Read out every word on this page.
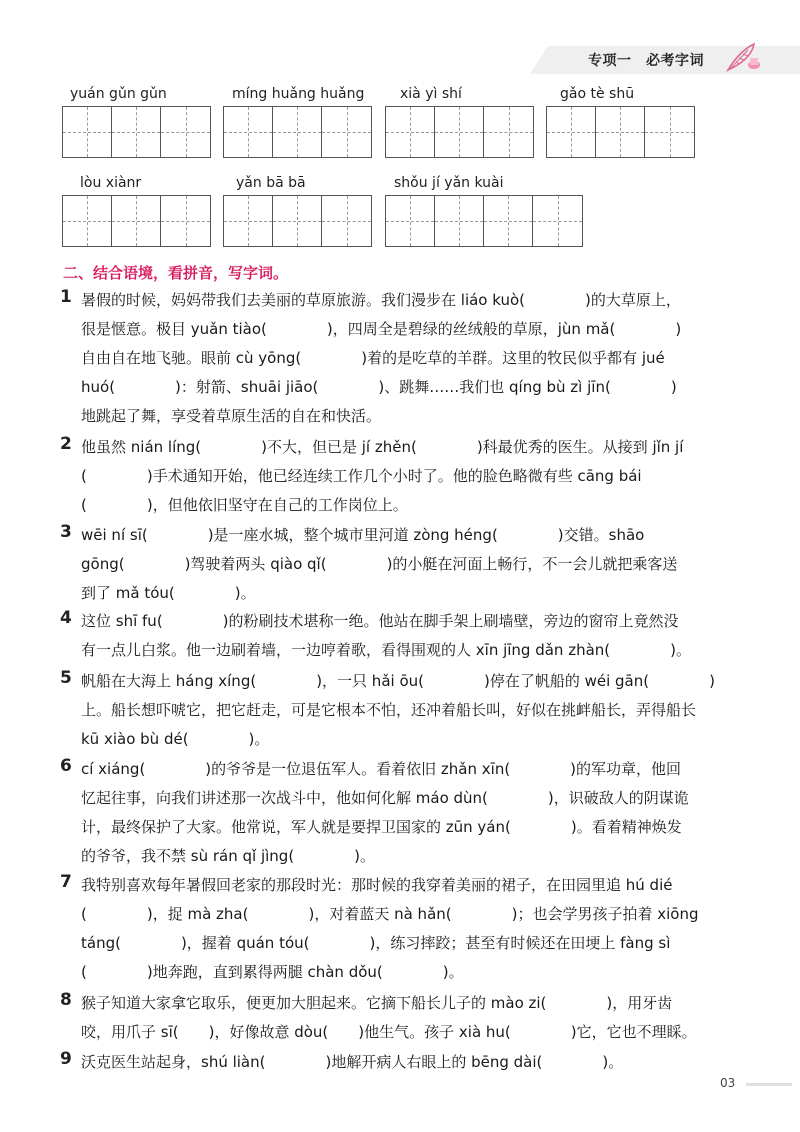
专项一　必考字词
yuán gǔn gǔn	míng huǎng huǎng	xià yì shí	gǎo tè shū
lòu xiànr	yǎn bā bā	shǒu jí yǎn kuài
二、结合语境，看拼音，写字词。
1 暑假的时候，妈妈带我们去美丽的草原旅游。我们漫步在 liáo kuò(　　　　)的大草原上，
很是惬意。极目 yuǎn tiào(　　　　)，四周全是碧绿的丝绒般的草原，jùn mǎ(　　　　)
自由自在地飞驰。眼前 cù yōng(　　　　)着的是吃草的羊群。这里的牧民似乎都有 jué
huó(　　　　)：射箭、shuāi jiāo(　　　　)、跳舞……我们也 qíng bù zì jīn(　　　　)
地跳起了舞，享受着草原生活的自在和快活。
2 他虽然 nián líng(　　　　)不大，但已是 jí zhěn(　　　　)科最优秀的医生。从接到 jǐn jí
(　　　　)手术通知开始，他已经连续工作几个小时了。他的脸色略微有些 cāng bái
(　　　　)，但他依旧坚守在自己的工作岗位上。
3 wēi ní sī(　　　　)是一座水城，整个城市里河道 zòng héng(　　　　)交错。shāo
gōng(　　　　)驾驶着两头 qiào qǐ(　　　　)的小艇在河面上畅行，不一会儿就把乘客送
到了 mǎ tóu(　　　　)。
4 这位 shī fu(　　　　)的粉刷技术堪称一绝。他站在脚手架上刷墙壁，旁边的窗帘上竟然没
有一点儿白浆。他一边刷着墙，一边哼着歌，看得围观的人 xīn jīng dǎn zhàn(　　　　)。
5 帆船在大海上 háng xíng(　　　　)，一只 hǎi ōu(　　　　)停在了帆船的 wéi gān(　　　　)
上。船长想吓唬它，把它赶走，可是它根本不怕，还冲着船长叫，好似在挑衅船长，弄得船长
kū xiào bù dé(　　　　)。
6 cí xiáng(　　　　)的爷爷是一位退伍军人。看着依旧 zhǎn xīn(　　　　)的军功章，他回
忆起往事，向我们讲述那一次战斗中，他如何化解 máo dùn(　　　　)，识破敌人的阴谋诡
计，最终保护了大家。他常说，军人就是要捍卫国家的 zūn yán(　　　　)。看着精神焕发
的爷爷，我不禁 sù rán qǐ jìng(　　　　)。
7 我特别喜欢每年暑假回老家的那段时光：那时候的我穿着美丽的裙子，在田园里追 hú dié
(　　　　)，捉 mà zha(　　　　)，对着蓝天 nà hǎn(　　　　)；也会学男孩子拍着 xiōng
táng(　　　　)，握着 quán tóu(　　　　)，练习摔跤；甚至有时候还在田埂上 fàng sì
(　　　　)地奔跑，直到累得两腿 chàn dǒu(　　　　)。
8 猴子知道大家拿它取乐，便更加大胆起来。它摘下船长儿子的 mào zi(　　　　)，用牙齿
咬，用爪子 sī(　　)，好像故意 dòu(　　)他生气。孩子 xià hu(　　　　)它，它也不理睬。
9 沃克医生站起身，shú liàn(　　　　)地解开病人右眼上的 bēng dài(　　　　)。
03
